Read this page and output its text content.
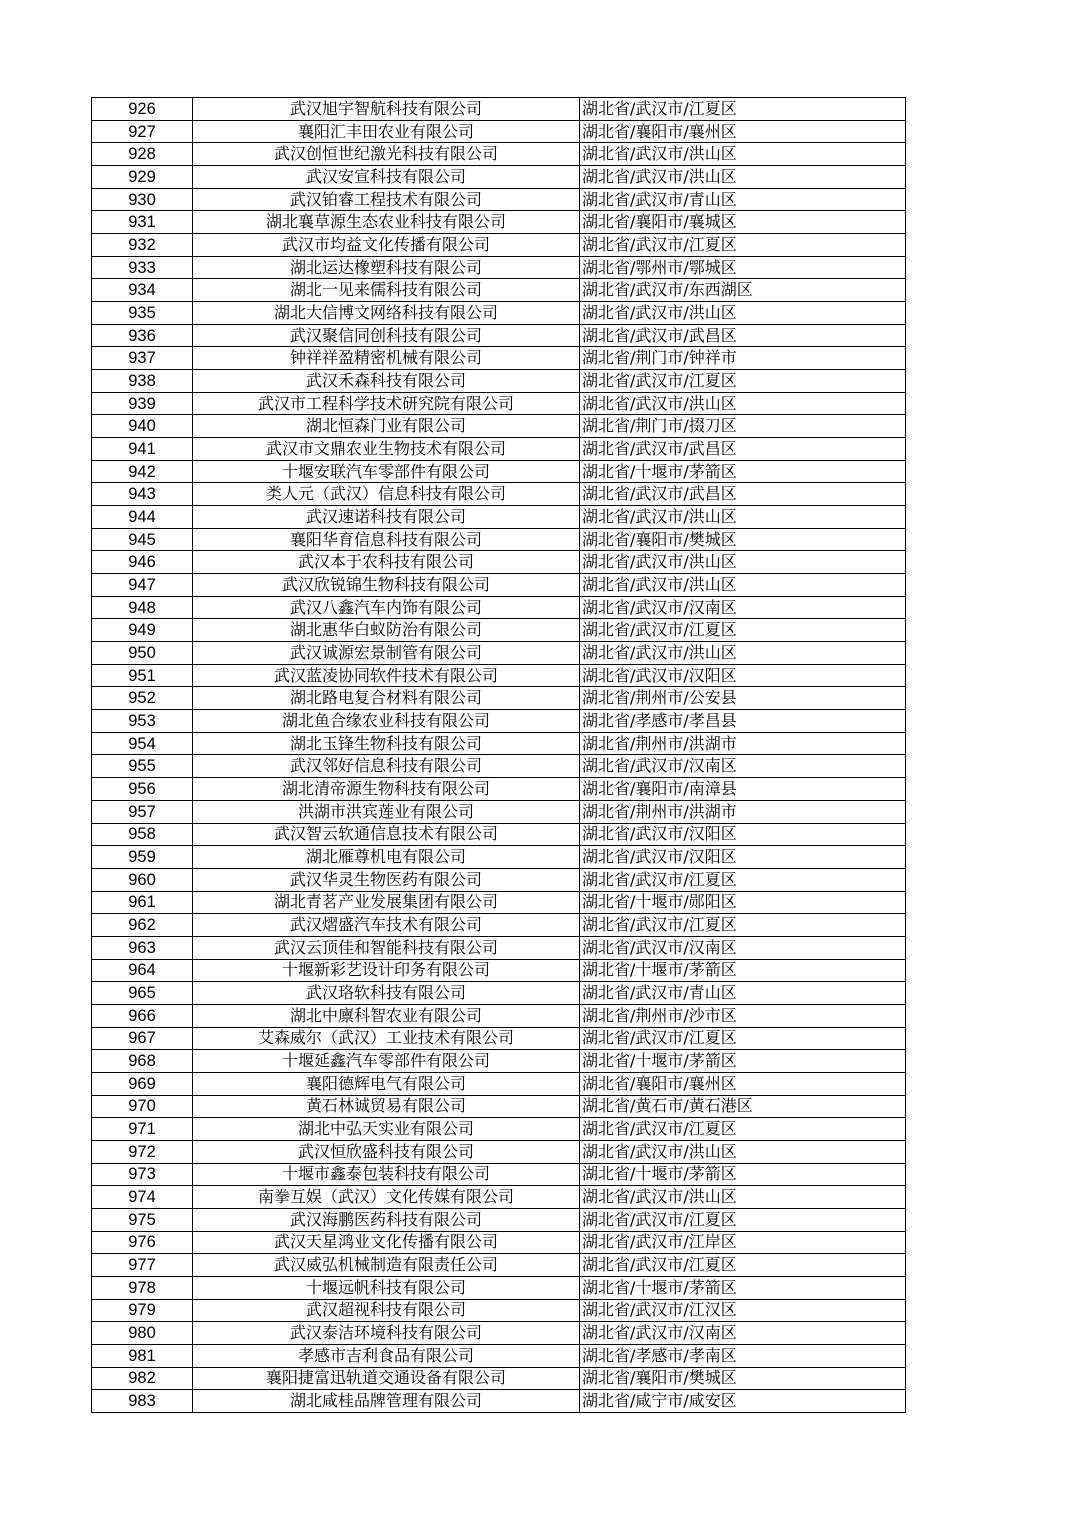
926	武汉旭宇智航科技有限公司	湖北省/武汉市/江夏区
927	襄阳汇丰田农业有限公司	湖北省/襄阳市/襄州区
928	武汉创恒世纪激光科技有限公司	湖北省/武汉市/洪山区
929	武汉安宣科技有限公司	湖北省/武汉市/洪山区
930	武汉铂睿工程技术有限公司	湖北省/武汉市/青山区
931	湖北襄草源生态农业科技有限公司	湖北省/襄阳市/襄城区
932	武汉市均益文化传播有限公司	湖北省/武汉市/江夏区
933	湖北运达橡塑科技有限公司	湖北省/鄂州市/鄂城区
934	湖北一见来儒科技有限公司	湖北省/武汉市/东西湖区
935	湖北大信博文网络科技有限公司	湖北省/武汉市/洪山区
936	武汉聚信同创科技有限公司	湖北省/武汉市/武昌区
937	钟祥祥盈精密机械有限公司	湖北省/荆门市/钟祥市
938	武汉禾森科技有限公司	湖北省/武汉市/江夏区
939	武汉市工程科学技术研究院有限公司	湖北省/武汉市/洪山区
940	湖北恒森门业有限公司	湖北省/荆门市/掇刀区
941	武汉市文鼎农业生物技术有限公司	湖北省/武汉市/武昌区
942	十堰安联汽车零部件有限公司	湖北省/十堰市/茅箭区
943	类人元（武汉）信息科技有限公司	湖北省/武汉市/武昌区
944	武汉速诺科技有限公司	湖北省/武汉市/洪山区
945	襄阳华育信息科技有限公司	湖北省/襄阳市/樊城区
946	武汉本于农科技有限公司	湖北省/武汉市/洪山区
947	武汉欣锐锦生物科技有限公司	湖北省/武汉市/洪山区
948	武汉八鑫汽车内饰有限公司	湖北省/武汉市/汉南区
949	湖北惠华白蚁防治有限公司	湖北省/武汉市/江夏区
950	武汉诚源宏景制管有限公司	湖北省/武汉市/洪山区
951	武汉蓝凌协同软件技术有限公司	湖北省/武汉市/汉阳区
952	湖北路电复合材料有限公司	湖北省/荆州市/公安县
953	湖北鱼合缘农业科技有限公司	湖北省/孝感市/孝昌县
954	湖北玉锋生物科技有限公司	湖北省/荆州市/洪湖市
955	武汉邻好信息科技有限公司	湖北省/武汉市/汉南区
956	湖北清帝源生物科技有限公司	湖北省/襄阳市/南漳县
957	洪湖市洪宾莲业有限公司	湖北省/荆州市/洪湖市
958	武汉智云软通信息技术有限公司	湖北省/武汉市/汉阳区
959	湖北雁尊机电有限公司	湖北省/武汉市/汉阳区
960	武汉华灵生物医药有限公司	湖北省/武汉市/江夏区
961	湖北青茗产业发展集团有限公司	湖北省/十堰市/郧阳区
962	武汉熠盛汽车技术有限公司	湖北省/武汉市/江夏区
963	武汉云顶佳和智能科技有限公司	湖北省/武汉市/汉南区
964	十堰新彩艺设计印务有限公司	湖北省/十堰市/茅箭区
965	武汉珞软科技有限公司	湖北省/武汉市/青山区
966	湖北中廪科智农业有限公司	湖北省/荆州市/沙市区
967	艾森威尔（武汉）工业技术有限公司	湖北省/武汉市/江夏区
968	十堰延鑫汽车零部件有限公司	湖北省/十堰市/茅箭区
969	襄阳德辉电气有限公司	湖北省/襄阳市/襄州区
970	黄石林诚贸易有限公司	湖北省/黄石市/黄石港区
971	湖北中弘天实业有限公司	湖北省/武汉市/江夏区
972	武汉恒欣盛科技有限公司	湖北省/武汉市/洪山区
973	十堰市鑫泰包装科技有限公司	湖北省/十堰市/茅箭区
974	南拳互娱（武汉）文化传媒有限公司	湖北省/武汉市/洪山区
975	武汉海鹏医药科技有限公司	湖北省/武汉市/江夏区
976	武汉天星鸿业文化传播有限公司	湖北省/武汉市/江岸区
977	武汉威弘机械制造有限责任公司	湖北省/武汉市/江夏区
978	十堰远帆科技有限公司	湖北省/十堰市/茅箭区
979	武汉超视科技有限公司	湖北省/武汉市/江汉区
980	武汉泰洁环境科技有限公司	湖北省/武汉市/汉南区
981	孝感市吉利食品有限公司	湖北省/孝感市/孝南区
982	襄阳捷富迅轨道交通设备有限公司	湖北省/襄阳市/樊城区
983	湖北咸桂品牌管理有限公司	湖北省/咸宁市/咸安区
